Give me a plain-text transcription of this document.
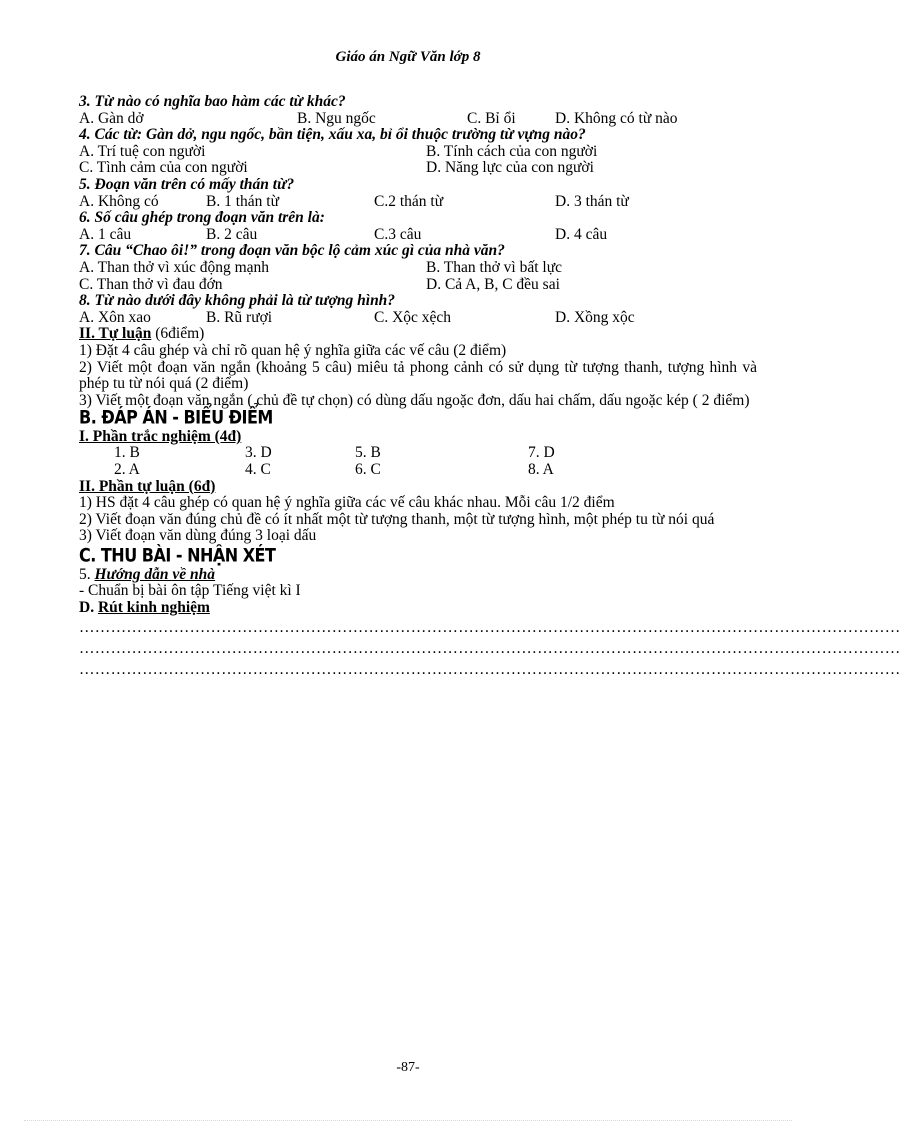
Giáo án Ngữ Văn lớp 8

3. Từ nào có nghĩa bao hàm các từ khác?

A. Gàn dở	B. Ngu ngốc	C. Bỉ ổi	D. Không có từ nào

4. Các từ: Gàn dở, ngu ngốc, bần tiện, xấu xa, bỉ ổi thuộc trường từ vựng nào?

A. Trí tuệ con người	B. Tính cách của con người
C. Tình cảm của con người	D. Năng lực của con người

5. Đoạn văn trên có mấy thán từ?

A. Không có	B. 1 thán từ	C.2 thán từ	D. 3 thán từ

6. Số câu ghép trong đoạn văn trên là:

A. 1 câu	B. 2 câu	C.3 câu	D. 4 câu

7. Câu “Chao ôi!” trong đoạn văn bộc lộ cảm xúc gì của nhà văn?

A. Than thở vì xúc động mạnh	B. Than thở vì bất lực
C. Than thở vì đau đớn	D. Cả A, B, C đều sai

8. Từ nào dưới đây không phải là từ tượng hình?

A. Xôn xao	B. Rũ rượi	C. Xộc xệch	D. Xồng xộc

II. Tự luận (6điểm)

1) Đặt 4 câu ghép và chỉ rõ quan hệ ý nghĩa giữa các vế câu (2 điểm)

2) Viết một đoạn văn ngắn (khoảng 5 câu) miêu tả phong cảnh có sử dụng từ tượng thanh, tượng hình và phép tu từ nói quá (2 điểm)

3) Viết một đoạn văn ngắn ( chủ đề tự chọn) có dùng dấu ngoặc đơn, dấu hai chấm, dấu ngoặc kép ( 2 điểm)

B. ĐÁP ÁN - BIỂU ĐIỂM

I. Phần trắc nghiệm (4đ)

1. B	3. D	5. B	7. D
2. A	4. C	6. C	8. A

II. Phần tự luận (6đ)

1) HS đặt 4 câu ghép có quan hệ ý nghĩa giữa các vế câu khác nhau. Mỗi câu 1/2 điểm

2) Viết đoạn văn đúng chủ đề có ít nhất một từ tượng thanh, một từ tượng hình, một phép tu từ nói quá

3) Viết đoạn văn dùng đúng 3 loại dấu

C. THU BÀI - NHẬN XÉT

5. Hướng dẫn về nhà

- Chuẩn bị bài ôn tập Tiếng việt kì I

D. Rút kinh nghiệm

…………………………………………………………………………………………………………………………………………

…………………………………………………………………………………………………………………………………………

…………………………………………………………………………………………………………………………………………

-87-
